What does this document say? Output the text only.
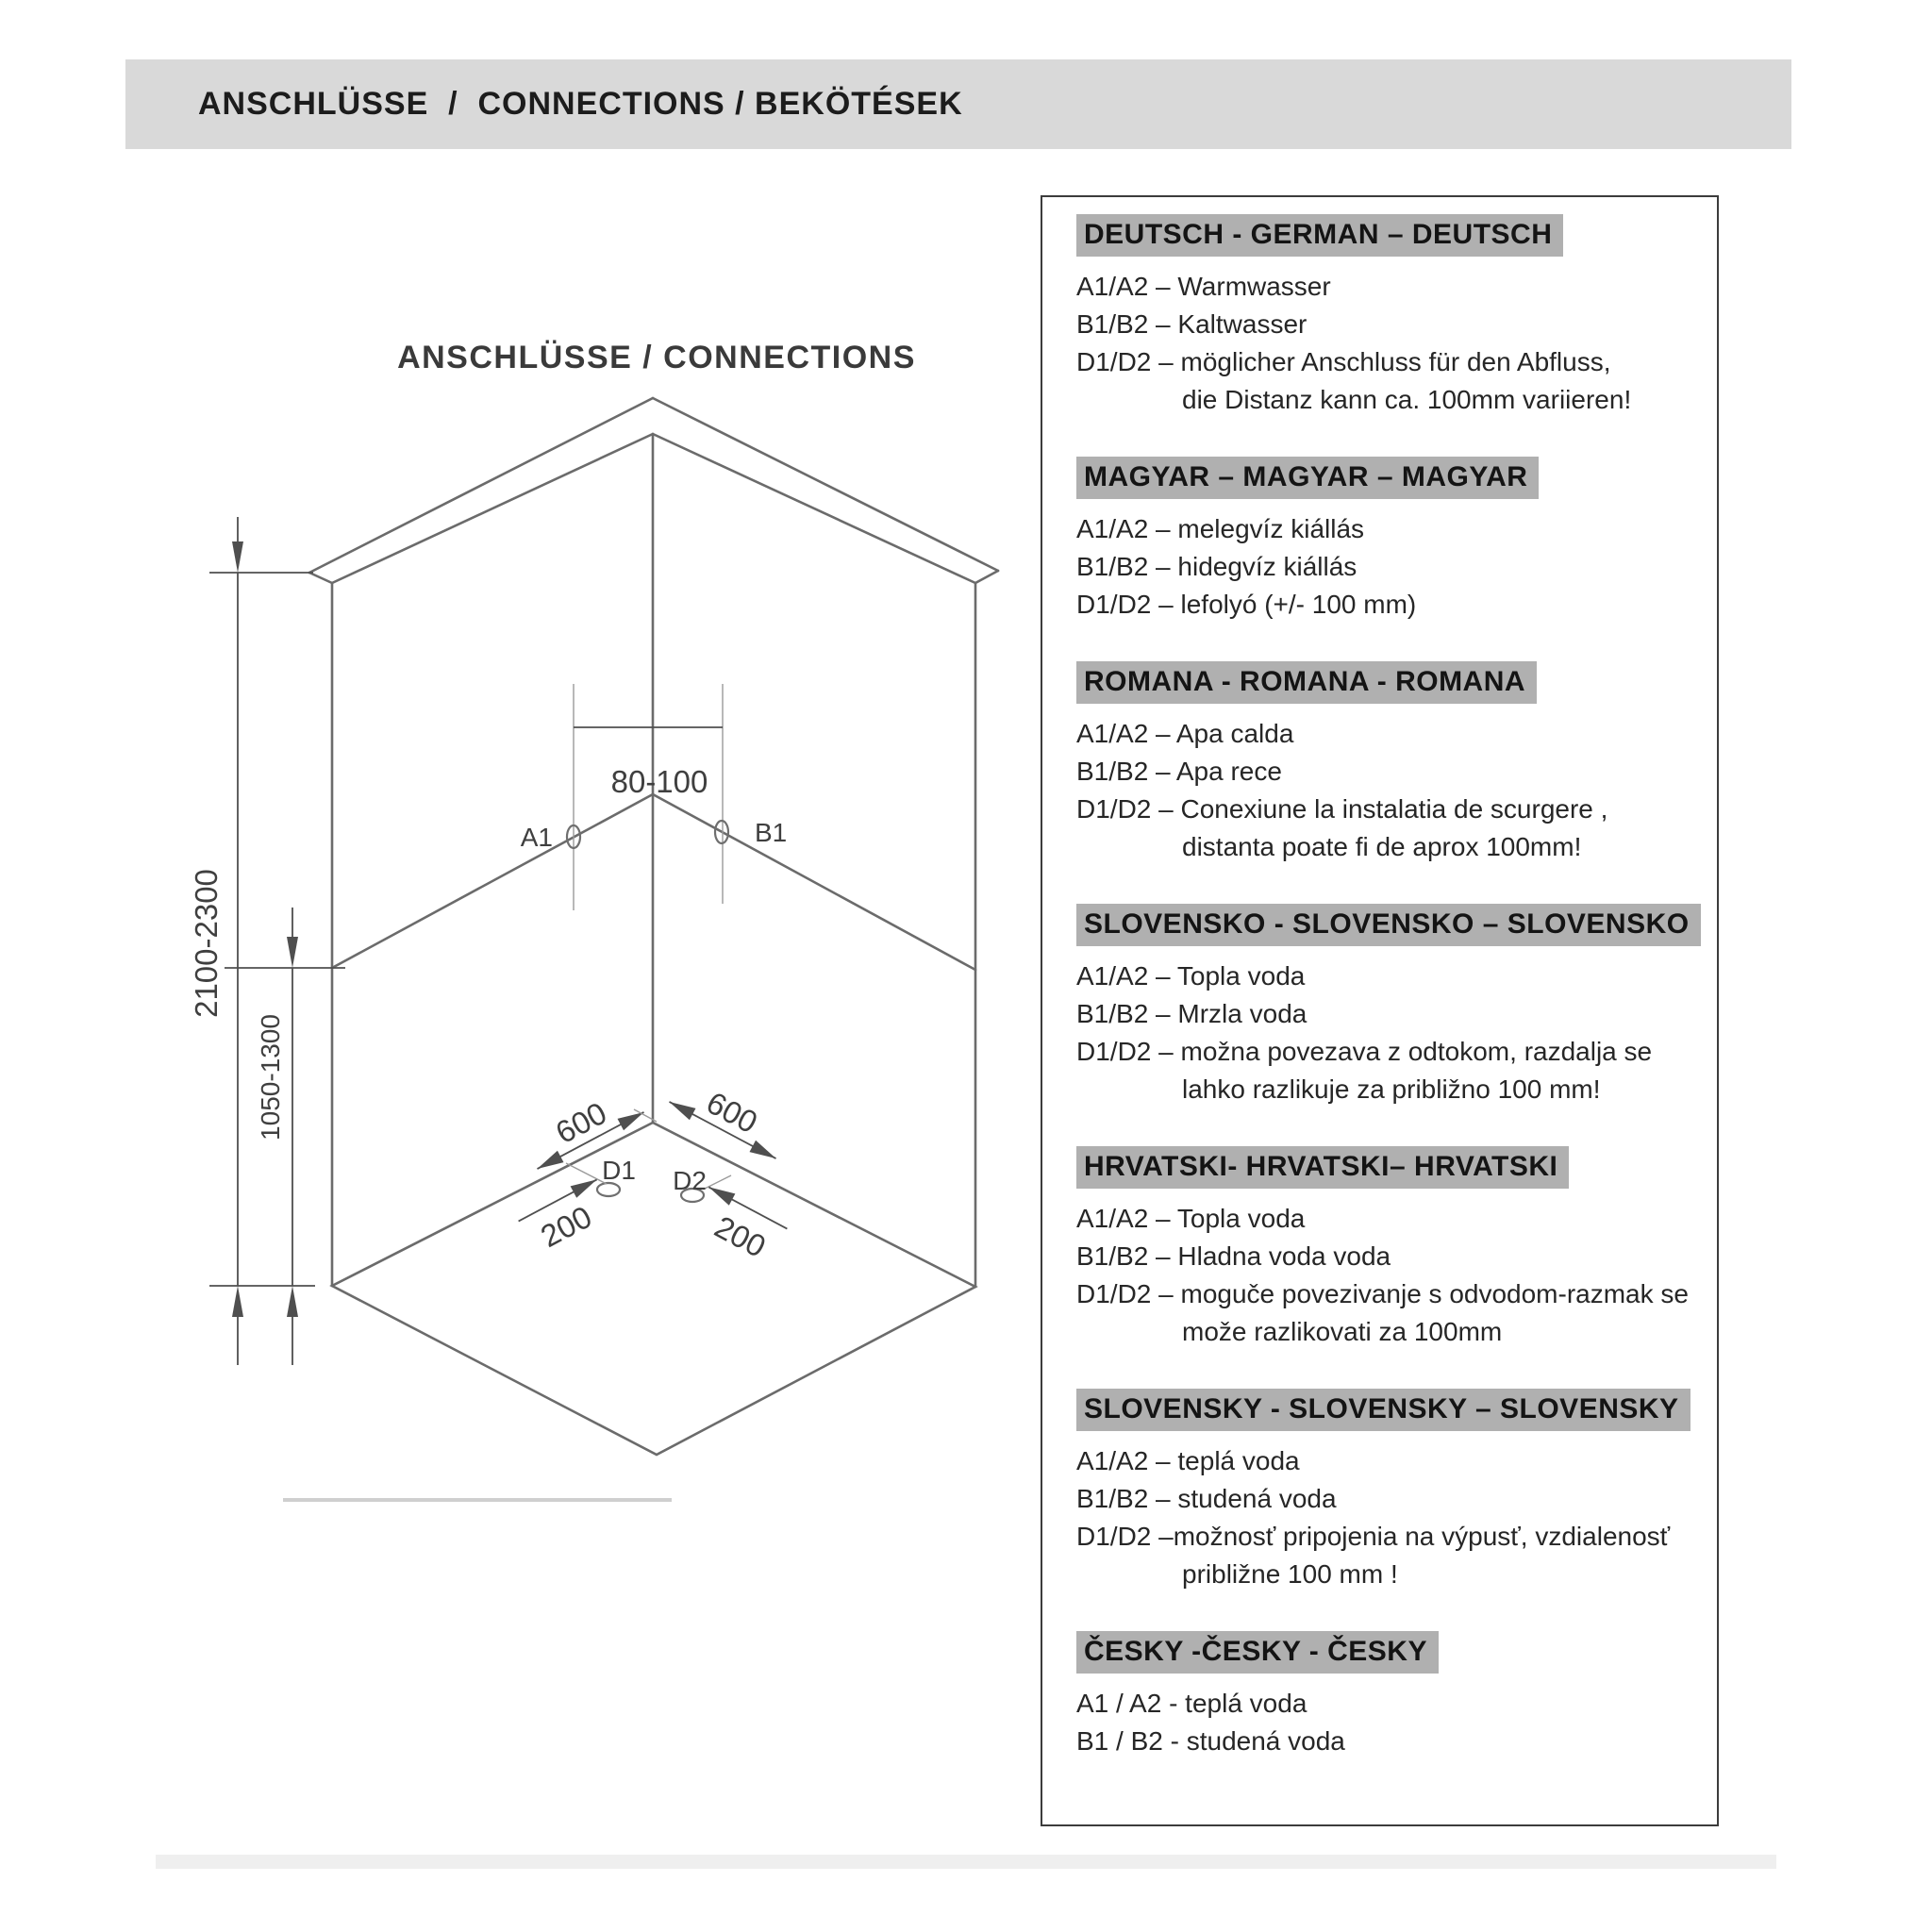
ANSCHLÜSSE  /  CONNECTIONS / BEKÖTÉSEK
ANSCHLÜSSE / CONNECTIONS
2100-2300
1050-1300
80-100
A1	B1
D1 D2
600	600
200	200
DEUTSCH - GERMAN – DEUTSCH
A1/A2 – Warmwasser
B1/B2 – Kaltwasser
D1/D2 – möglicher Anschluss für den Abfluss,
die Distanz kann ca. 100mm variieren!
MAGYAR – MAGYAR – MAGYAR
A1/A2 – melegvíz kiállás
B1/B2 – hidegvíz kiállás
D1/D2 – lefolyó (+/- 100 mm)
ROMANA - ROMANA - ROMANA
A1/A2 – Apa calda
B1/B2 – Apa rece
D1/D2 – Conexiune la instalatia de scurgere ,
distanta poate fi de aprox 100mm!
SLOVENSKO - SLOVENSKO – SLOVENSKO
A1/A2 – Topla voda
B1/B2 – Mrzla voda
D1/D2 – možna povezava z odtokom, razdalja se
lahko razlikuje za približno 100 mm!
HRVATSKI- HRVATSKI– HRVATSKI
A1/A2 – Topla voda
B1/B2 – Hladna voda voda
D1/D2 – moguče povezivanje s odvodom-razmak se
može razlikovati za 100mm
SLOVENSKY - SLOVENSKY – SLOVENSKY
A1/A2 – teplá voda
B1/B2 – studená voda
D1/D2 –možnosť pripojenia na výpusť, vzdialenosť
približne 100 mm !
ČESKY -ČESKY - ČESKY
A1 / A2 - teplá voda
B1 / B2 - studená voda
